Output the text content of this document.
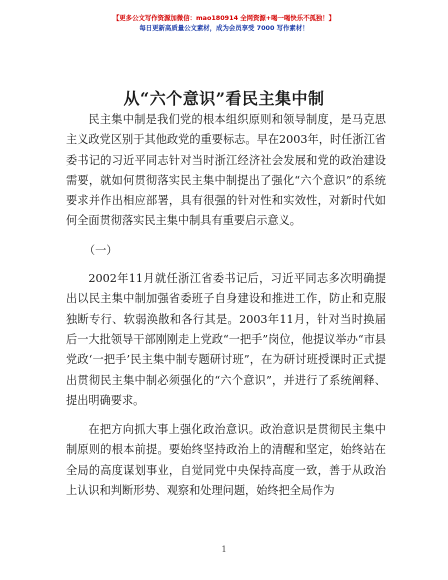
【更多公文写作资源加微信：mao180914 全网资源+喝一喝快乐不孤独！】
每日更新高质量公文素材，成为会员享受 7000 写作素材！
从“六个意识”看民主集中制

民主集中制是我们党的根本组织原则和领导制度，是马克思主义政党区别于其他政党的重要标志。早在2003年，时任浙江省委书记的习近平同志针对当时浙江经济社会发展和党的政治建设需要，就如何贯彻落实民主集中制提出了强化“六个意识”的系统要求并作出相应部署，具有很强的针对性和实效性，对新时代如何全面贯彻落实民主集中制具有重要启示意义。

（一）

2002年11月就任浙江省委书记后，习近平同志多次明确提出以民主集中制加强省委班子自身建设和推进工作，防止和克服独断专行、软弱涣散和各行其是。2003年11月，针对当时换届后一大批领导干部刚刚走上党政“一把手”岗位，他提议举办“市县党政‘一把手’民主集中制专题研讨班”，在为研讨班授课时正式提出贯彻民主集中制必须强化的“六个意识”，并进行了系统阐释、提出明确要求。

在把方向抓大事上强化政治意识。政治意识是贯彻民主集中制原则的根本前提。要始终坚持政治上的清醒和坚定，始终站在全局的高度谋划事业，自觉同党中央保持高度一致，善于从政治上认识和判断形势、观察和处理问题，始终把全局作为

1
